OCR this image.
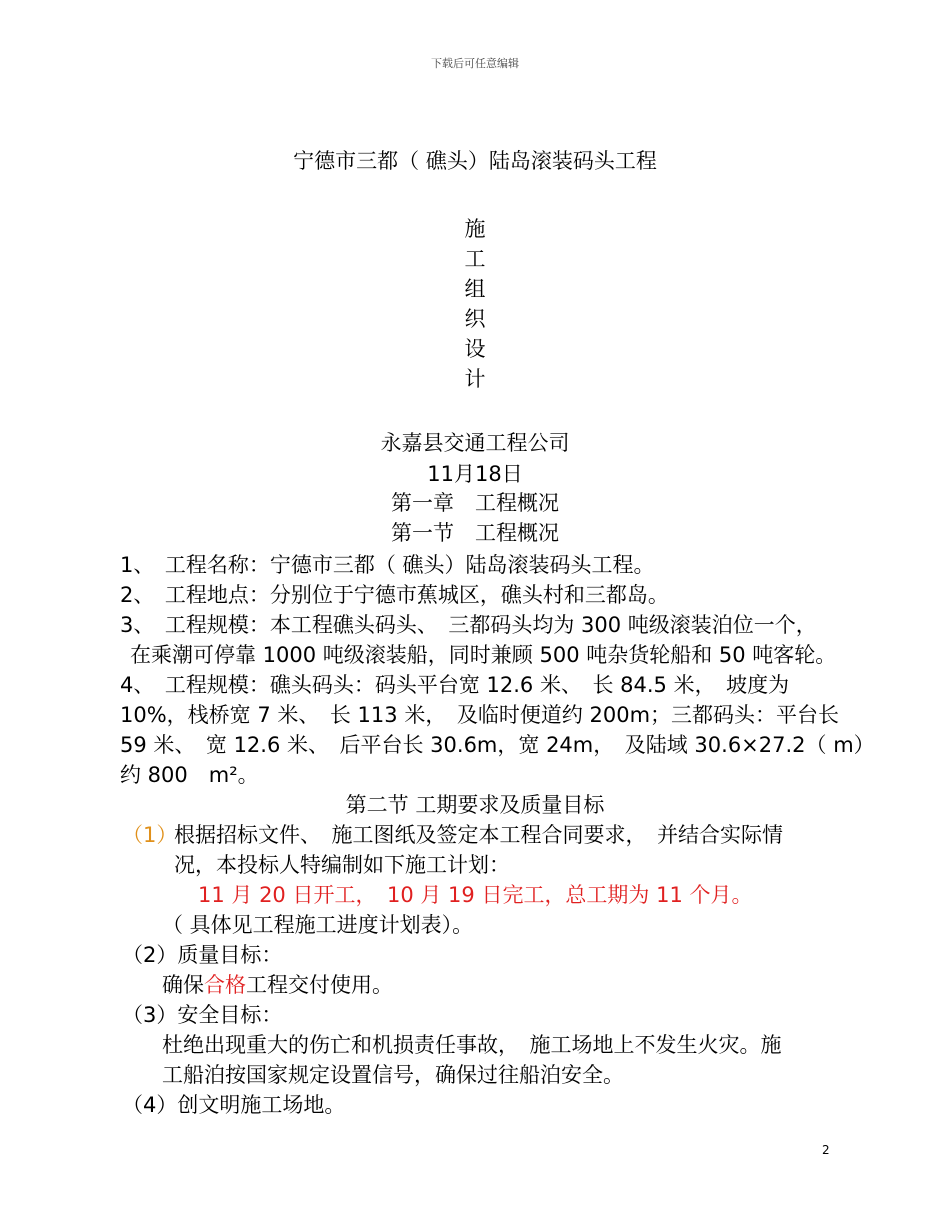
下载后可任意编辑
宁德市三都（ 礁头）陆岛滚装码头工程
施
工
组
织
设
计
永嘉县交通工程公司
11月18日
第一章　工程概况
第一节　工程概况
1、　工程名称：宁德市三都（ 礁头）陆岛滚装码头工程。
2、　工程地点：分别位于宁德市蕉城区，礁头村和三都岛。
3、　工程规模：本工程礁头码头、　三都码头均为 300 吨级滚装泊位一个，
在乘潮可停靠 1000 吨级滚装船，同时兼顾 500 吨杂货轮船和 50 吨客轮。
4、　工程规模：礁头码头：码头平台宽 12.6 米、　长 84.5 米，　坡度为
10%，栈桥宽 7 米、　长 113 米，　及临时便道约 200m；三都码头：平台长
59 米、　宽 12.6 米、　后平台长 30.6m，宽 24m，　及陆域 30.6×27.2（ m）
约 800　m²。
第二节 工期要求及质量目标
（1）
根据招标文件、　施工图纸及签定本工程合同要求，　并结合实际情
况，本投标人特编制如下施工计划：
11 月 20 日开工，　10 月 19 日完工，总工期为 11 个月。
（ 具体见工程施工进度计划表）。
（2）质量目标：
确保合格工程交付使用。
（3）安全目标：
杜绝出现重大的伤亡和机损责任事故，　施工场地上不发生火灾。施
工船泊按国家规定设置信号，确保过往船泊安全。
（4）创文明施工场地。
2
